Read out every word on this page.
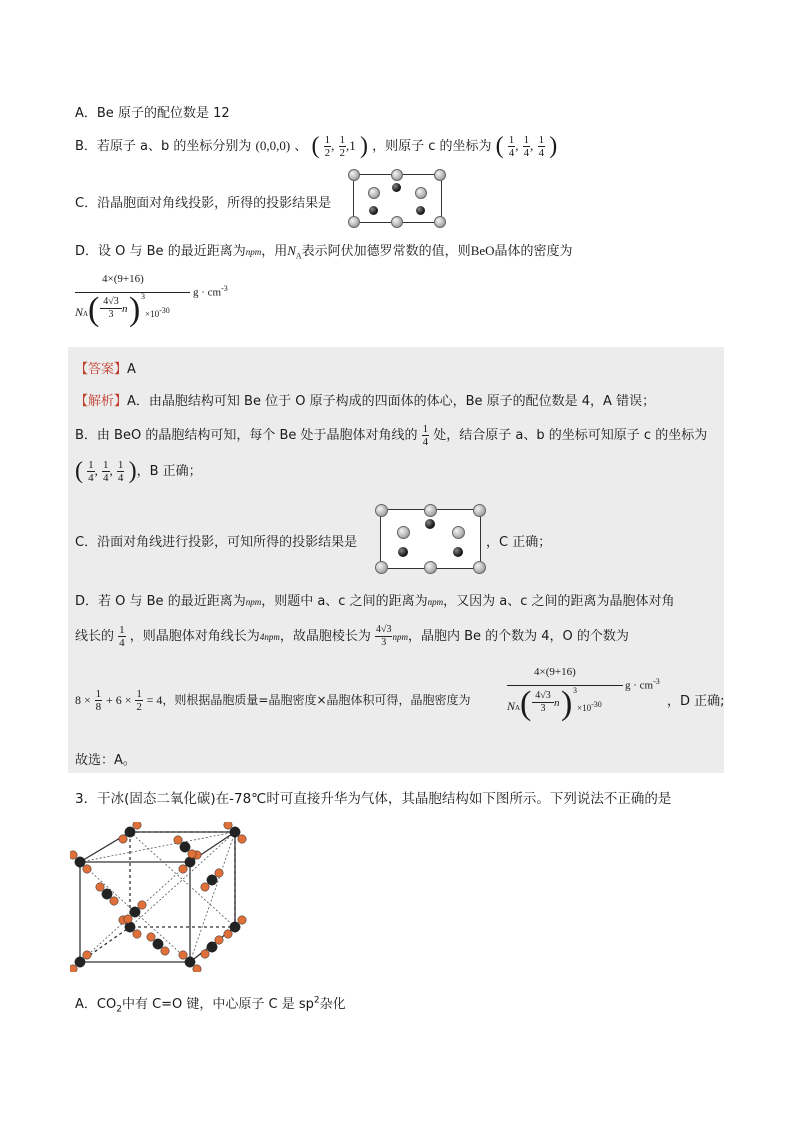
A．Be 原子的配位数是 12
B．若原子 a、b 的坐标分别为 (0,0,0) 、 ( $\frac{1}{2}$ , $\frac{1}{2} ,1$ ) ，则原子 c 的坐标为 ( $\frac{1}{4}$ , $\frac{1}{4}$ , $\frac{1}{4}$ )
C．沿晶胞面对角线投影，所得的投影结果是
D．设 O 与 Be 的最近距离为npm，用$N_A$表示阿伏加德罗常数的值，则BeO晶体的密度为
4×(9+16)
$g \cdot cm^{-3}$
NA ( 4√3
3 n ) 3
×10-30
【答案】A
【解析】A．由晶胞结构可知 Be 位于 O 原子构成的四面体的体心，Be 原子的配位数是 4，A 错误；
B．由 BeO 的晶胞结构可知，每个 Be 处于晶胞体对角线的 $\frac{1}{4}$ 处，结合原子 a、b 的坐标可知原子 c 的坐标为
( $\frac{1}{4}$ , $\frac{1}{4}$ , $\frac{1}{4}$ )，B 正确；
C．沿面对角线进行投影，可知所得的投影结果是	，C 正确；
D．若 O 与 Be 的最近距离为npm，则题中 a、c 之间的距离为npm，又因为 a、c 之间的距离为晶胞体对角
线长的 $\frac{1}{4}$ ，则晶胞体对角线长为4npm，故晶胞棱长为 $\frac{4√3}{3}$ npm，晶胞内 Be 的个数为 4，O 的个数为
$8 \times \frac{1}{8} + 6 \times \frac{1}{2} = 4$，则根据晶胞质量=晶胞密度×晶胞体积可得，晶胞密度为
4×(9+16)
$g \cdot cm^{-3}$
NA ( 4√3
3 n ) 3
×10-30	，D 正确;
故选：A。
3．干冰(固态二氧化碳)在-78℃时可直接升华为气体，其晶胞结构如下图所示。下列说法不正确的是
A．$CO_2$中有 C=O 键，中心原子 C 是 $sp^2$杂化
